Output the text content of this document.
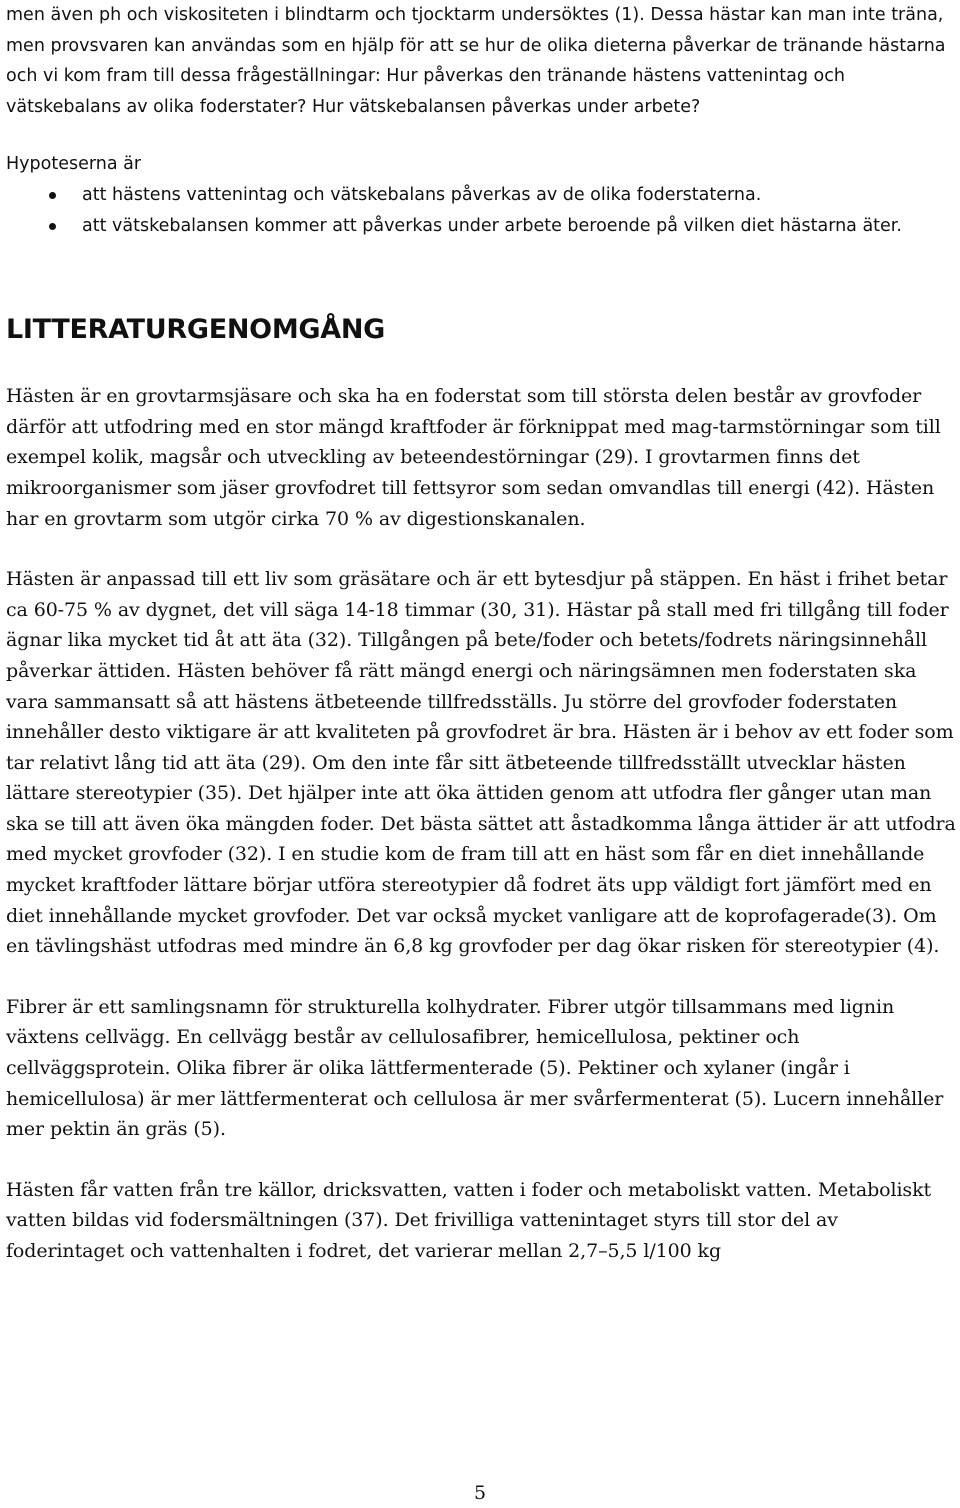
men även ph och viskositeten i blindtarm och tjocktarm undersöktes (1). Dessa hästar kan man inte träna, men provsvaren kan användas som en hjälp för att se hur de olika dieterna påverkar de tränande hästarna och vi kom fram till dessa frågeställningar: Hur påverkas den tränande hästens vattenintag och vätskebalans av olika foderstater? Hur vätskebalansen påverkas under arbete?

Hypoteserna är

att hästens vattenintag och vätskebalans påverkas av de olika foderstaterna.
att vätskebalansen kommer att påverkas under arbete beroende på vilken diet hästarna äter.
LITTERATURGENOMGÅNG

Hästen är en grovtarmsjäsare och ska ha en foderstat som till största delen består av grovfoder därför att utfodring med en stor mängd kraftfoder är förknippat med mag-tarmstörningar som till exempel kolik, magsår och utveckling av beteendestörningar (29). I grovtarmen finns det mikroorganismer som jäser grovfodret till fettsyror som sedan omvandlas till energi (42). Hästen har en grovtarm som utgör cirka 70 % av digestionskanalen.

Hästen är anpassad till ett liv som gräsätare och är ett bytesdjur på stäppen. En häst i frihet betar ca 60-75 % av dygnet, det vill säga 14-18 timmar (30, 31). Hästar på stall med fri tillgång till foder ägnar lika mycket tid åt att äta (32). Tillgången på bete/foder och betets/fodrets näringsinnehåll påverkar ättiden. Hästen behöver få rätt mängd energi och näringsämnen men foderstaten ska vara sammansatt så att hästens ätbeteende tillfredsställs. Ju större del grovfoder foderstaten innehåller desto viktigare är att kvaliteten på grovfodret är bra. Hästen är i behov av ett foder som tar relativt lång tid att äta (29). Om den inte får sitt ätbeteende tillfredsställt utvecklar hästen lättare stereotypier (35). Det hjälper inte att öka ättiden genom att utfodra fler gånger utan man ska se till att även öka mängden foder. Det bästa sättet att åstadkomma långa ättider är att utfodra med mycket grovfoder (32). I en studie kom de fram till att en häst som får en diet innehållande mycket kraftfoder lättare börjar utföra stereotypier då fodret äts upp väldigt fort jämfört med en diet innehållande mycket grovfoder. Det var också mycket vanligare att de koprofagerade(3). Om en tävlingshäst utfodras med mindre än 6,8 kg grovfoder per dag ökar risken för stereotypier (4).

Fibrer är ett samlingsnamn för strukturella kolhydrater. Fibrer utgör tillsammans med lignin växtens cellvägg. En cellvägg består av cellulosafibrer, hemicellulosa, pektiner och cellväggsprotein. Olika fibrer är olika lättfermenterade (5). Pektiner och xylaner (ingår i hemicellulosa) är mer lättfermenterat och cellulosa är mer svårfermenterat (5). Lucern innehåller mer pektin än gräs (5).

Hästen får vatten från tre källor, dricksvatten, vatten i foder och metaboliskt vatten. Metaboliskt vatten bildas vid fodersmältningen (37). Det frivilliga vattenintaget styrs till stor del av foderintaget och vattenhalten i fodret, det varierar mellan 2,7–5,5 l/100 kg

5
